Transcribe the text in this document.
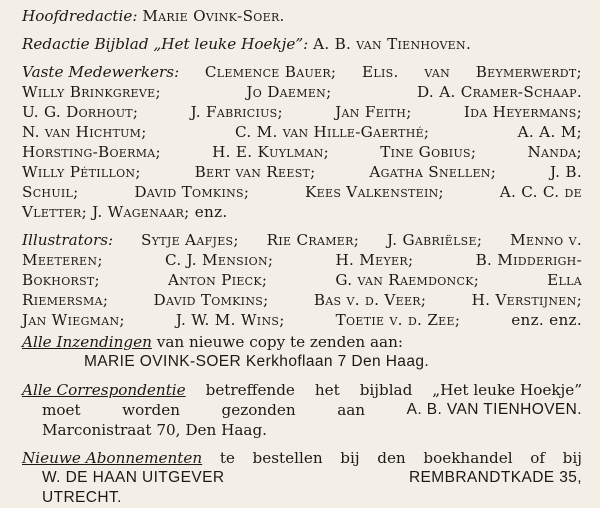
Hoofdredactie: Marie Ovink-Soer.
Redactie Bijblad „Het leuke Hoekje”: A. B. van Tienhoven.
Vaste Medewerkers: Clemence Bauer; Elis. van Beymerwerdt;
Willy Brinkgreve;	Jo Daemen;	D. A. Cramer-Schaap.
U. G. Dorhout;	J. Fabricius;	Jan Feith;	Ida Heyermans;
N. van Hichtum;	C. M. van Hille-Gaerthé;	A. A. M;
Horsting-Boerma;	H. E. Kuylman;	Tine Gobius;	Nanda;
Willy Pétillon;	Bert van Reest;	Agatha Snellen;	J. B.
Schuil;	David Tomkins;	Kees Valkenstein;	A. C. C. de
Vletter; J. Wagenaar; enz.
Illustrators: Sytje Aafjes; Rie Cramer; J. Gabriëlse; Menno v.
Meeteren;	C. J. Mension;	H. Meyer;	B. Midderigh-
Bokhorst;	Anton Pieck;	G. van Raemdonck;	Ella
Riemersma;	David Tomkins;	Bas v. d. Veer;	H. Verstijnen;
Jan Wiegman;	J. W. M. Wins;	Toetie v. d. Zee;	enz. enz.
Alle Inzendingen van nieuwe copy te zenden aan:
MARIE OVINK-SOER Kerkhoflaan 7 Den Haag.
Alle Correspondentie betreffende het bijblad „Het leuke Hoekje”
moet	worden	gezonden	aan	A. B. VAN TIENHOVEN.
Marconistraat 70, Den Haag.
Nieuwe Abonnementen te bestellen bij den boekhandel of bij
W. DE HAAN UITGEVER	REMBRANDTKADE 35,
UTRECHT.
